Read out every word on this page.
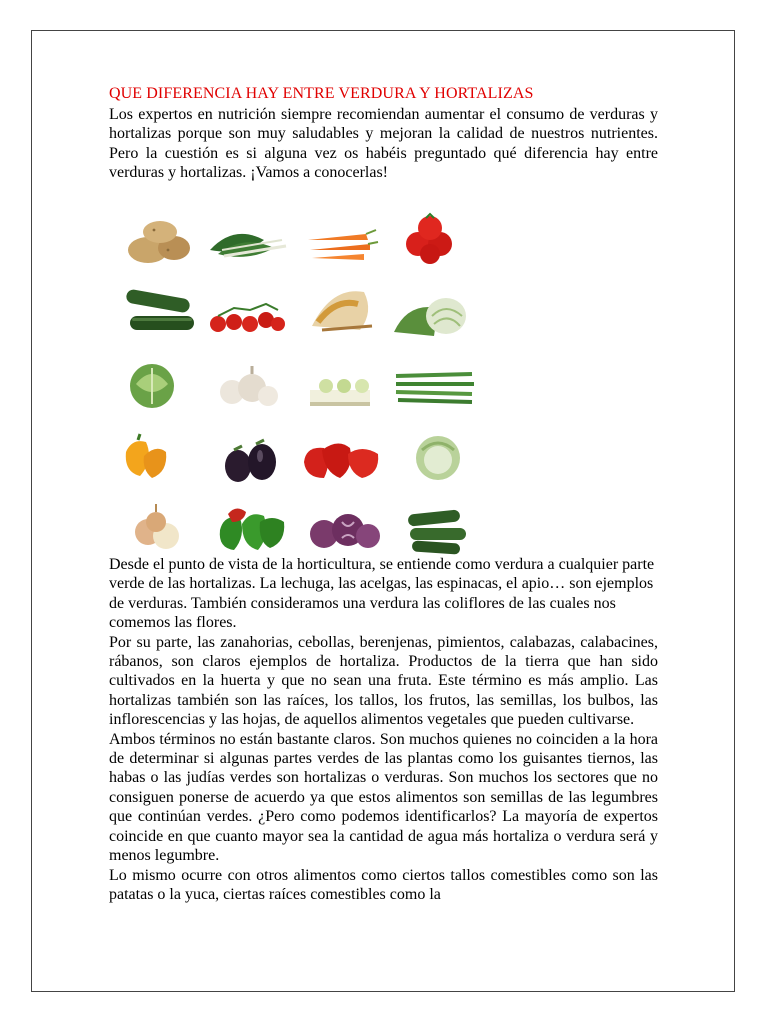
QUE DIFERENCIA HAY ENTRE VERDURA Y HORTALIZAS
Los expertos en nutrición siempre recomiendan aumentar el consumo de verduras y hortalizas porque son muy saludables y mejoran la calidad de nuestros nutrientes. Pero la cuestión es si alguna vez os habéis preguntado qué diferencia hay entre verduras y hortalizas. ¡Vamos a conocerlas!

Desde el punto de vista de la horticultura, se entiende como verdura a cualquier parte verde de las hortalizas. La lechuga, las acelgas, las espinacas, el apio… son ejemplos de verduras. También consideramos una verdura las coliflores de las cuales nos comemos las flores.

Por su parte, las zanahorias, cebollas, berenjenas, pimientos, calabazas, calabacines, rábanos, son claros ejemplos de hortaliza. Productos de la tierra que han sido cultivados en la huerta y que no sean una fruta. Este término es más amplio. Las hortalizas también son las raíces, los tallos, los frutos, las semillas, los bulbos, las inflorescencias y las hojas, de aquellos alimentos vegetales que pueden cultivarse.

Ambos términos no están bastante claros. Son muchos quienes no coinciden a la hora de determinar si algunas partes verdes de las plantas como los guisantes tiernos, las habas o las judías verdes son hortalizas o verduras. Son muchos los sectores que no consiguen ponerse de acuerdo ya que estos alimentos son semillas de las legumbres que continúan verdes. ¿Pero como podemos identificarlos? La mayoría de expertos coincide en que cuanto mayor sea la cantidad de agua más hortaliza o verdura será y menos legumbre.

Lo mismo ocurre con otros alimentos como ciertos tallos comestibles como son las patatas o la yuca, ciertas raíces comestibles como la
